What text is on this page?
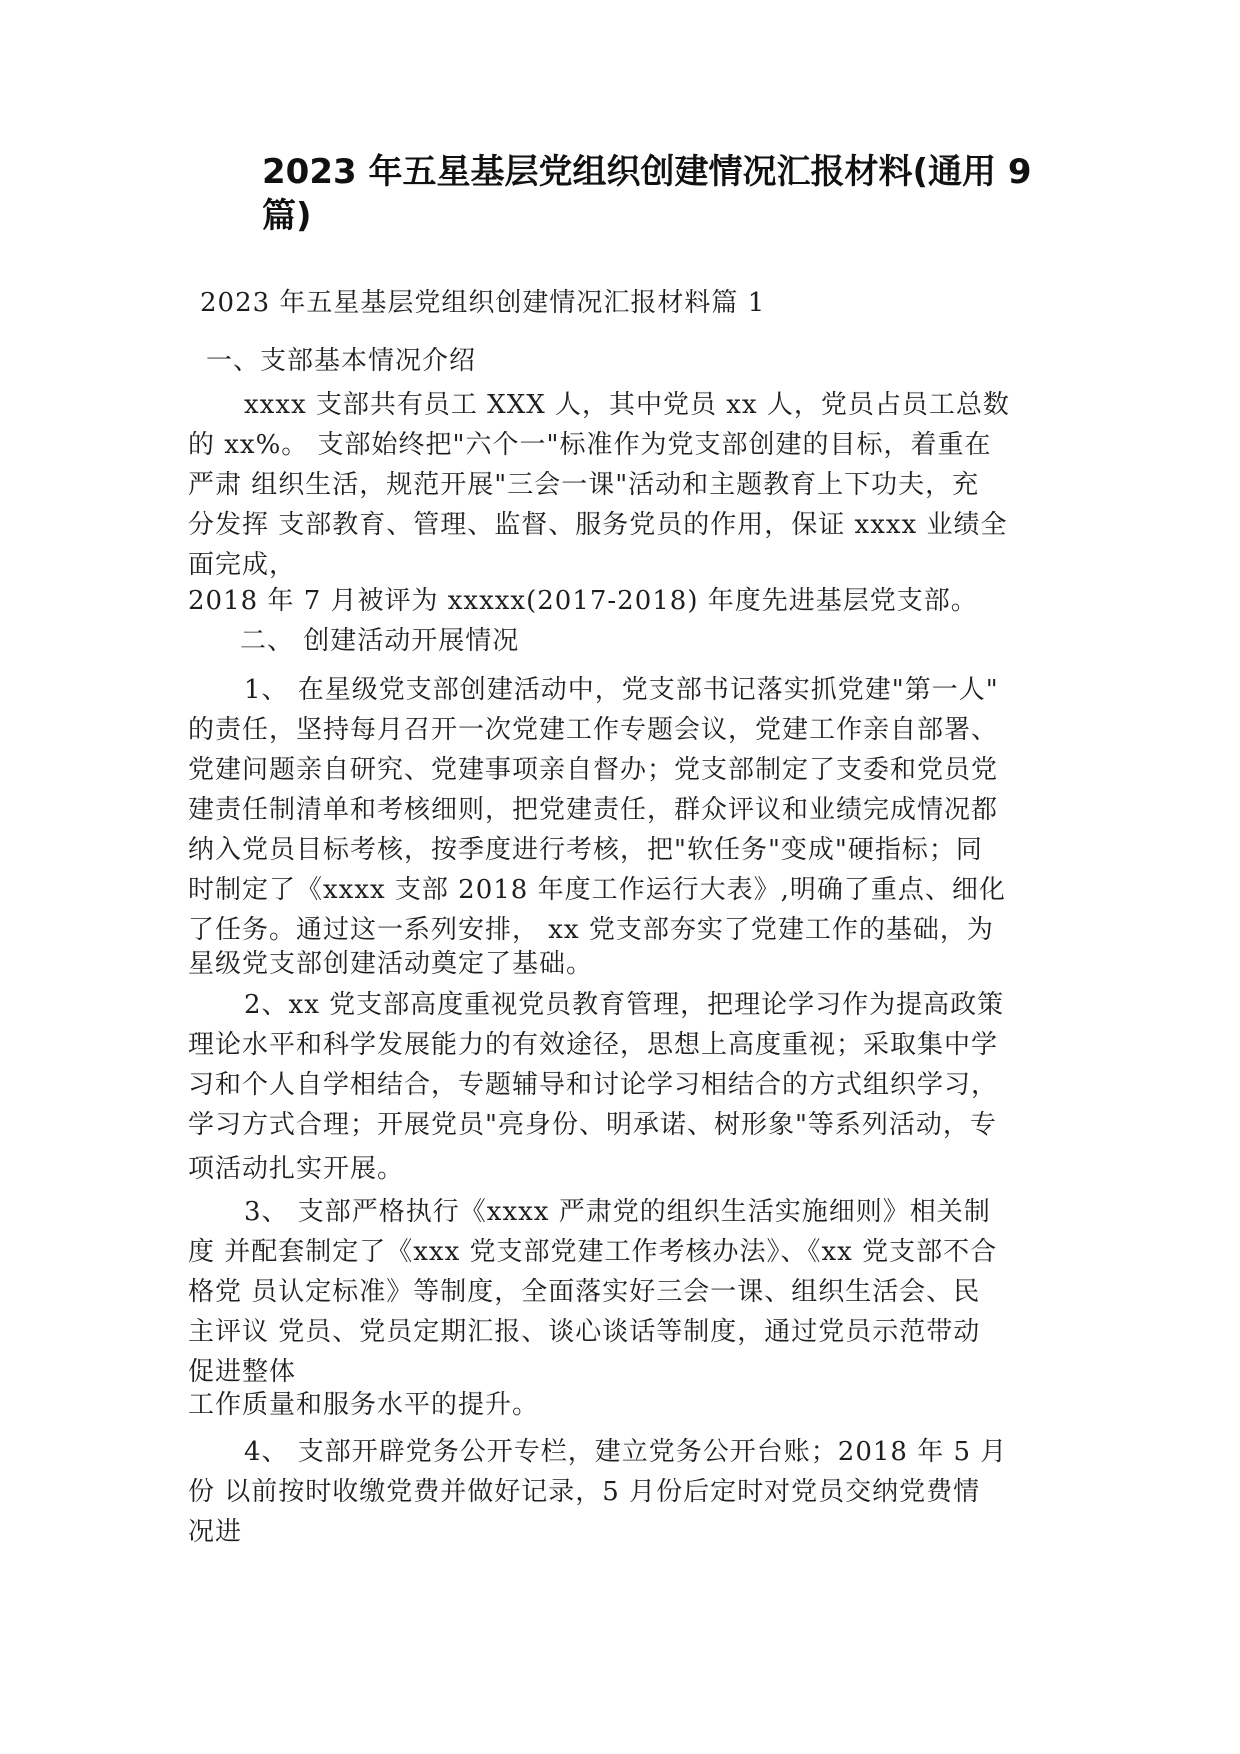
2023 年五星基层党组织创建情况汇报材料(通用 9
篇)

2023 年五星基层党组织创建情况汇报材料篇 1

一、支部基本情况介绍

xxxx 支部共有员工 XXX 人，其中党员 xx 人，党员占员工总数
的 xx%。 支部始终把"六个一"标准作为党支部创建的目标，着重在
严肃 组织生活，规范开展"三会一课"活动和主题教育上下功夫，充
分发挥 支部教育、管理、监督、服务党员的作用，保证 xxxx 业绩全
面完成，

2018 年 7 月被评为 xxxxx(2017-2018) 年度先进基层党支部。

二、 创建活动开展情况

1、 在星级党支部创建活动中，党支部书记落实抓党建"第一人"
的责任，坚持每月召开一次党建工作专题会议，党建工作亲自部署、
党建问题亲自研究、党建事项亲自督办；党支部制定了支委和党员党
建责任制清单和考核细则，把党建责任，群众评议和业绩完成情况都
纳入党员目标考核，按季度进行考核，把"软任务"变成"硬指标；同
时制定了《xxxx 支部 2018 年度工作运行大表》,明确了重点、细化
了任务。通过这一系列安排， xx 党支部夯实了党建工作的基础，为

星级党支部创建活动奠定了基础。

2、xx 党支部高度重视党员教育管理，把理论学习作为提高政策
理论水平和科学发展能力的有效途径，思想上高度重视；采取集中学
习和个人自学相结合，专题辅导和讨论学习相结合的方式组织学习，
学习方式合理；开展党员"亮身份、明承诺、树形象"等系列活动，专

项活动扎实开展。

3、 支部严格执行《xxxx 严肃党的组织生活实施细则》相关制
度 并配套制定了《xxx 党支部党建工作考核办法》、《xx 党支部不合
格党 员认定标准》等制度，全面落实好三会一课、组织生活会、民
主评议 党员、党员定期汇报、谈心谈话等制度，通过党员示范带动
促进整体

工作质量和服务水平的提升。

4、 支部开辟党务公开专栏，建立党务公开台账；2018 年 5 月
份 以前按时收缴党费并做好记录，5 月份后定时对党员交纳党费情
况进
